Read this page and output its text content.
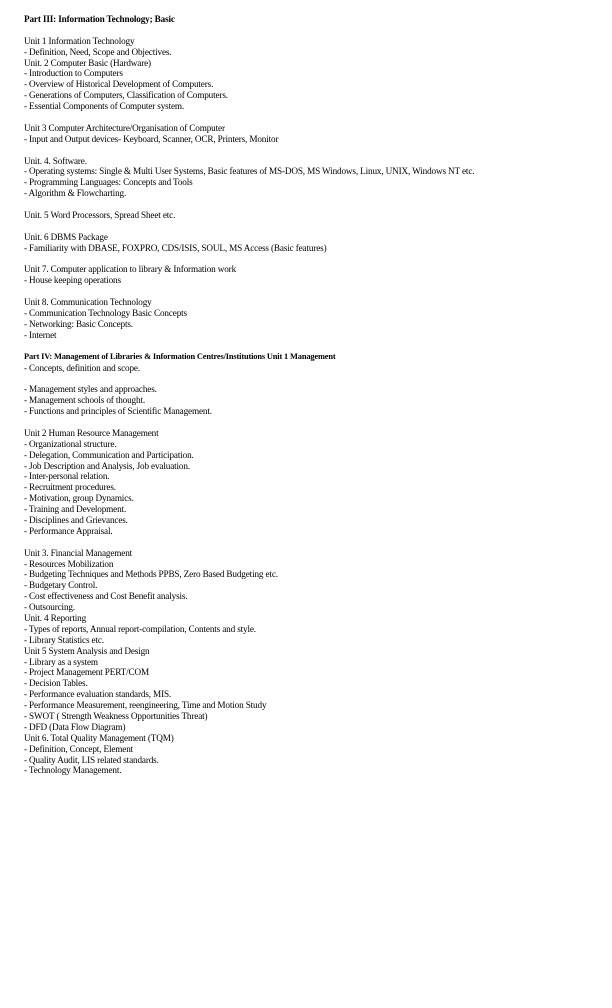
Part III: Information Technology; Basic
Unit 1 Information Technology
- Definition, Need, Scope and Objectives.
Unit. 2 Computer Basic (Hardware)
- Introduction to Computers
- Overview of Historical Development of Computers.
- Generations of Computers, Classification of Computers.
- Essential Components of Computer system.
Unit 3 Computer Architecture/Organisation of Computer
- Input and Output devices- Keyboard, Scanner, OCR, Printers, Monitor
Unit. 4. Software.
- Operating systems: Single & Multi User Systems, Basic features of MS-DOS, MS Windows, Linux, UNIX, Windows NT etc.
- Programming Languages: Concepts and Tools
- Algorithm & Flowcharting.
Unit. 5 Word Processors, Spread Sheet etc.
Unit. 6 DBMS Package
- Familiarity with DBASE, FOXPRO, CDS/ISIS, SOUL, MS Access (Basic features)
Unit 7. Computer application to library & Information work
- House keeping operations
Unit 8. Communication Technology
- Communication Technology Basic Concepts
- Networking: Basic Concepts.
- Internet
Part IV: Management of Libraries & Information Centres/Institutions Unit 1 Management
- Concepts, definition and scope.
- Management styles and approaches.
- Management schools of thought.
- Functions and principles of Scientific Management.
Unit 2 Human Resource Management
- Organizational structure.
- Delegation, Communication and Participation.
- Job Description and Analysis, Job evaluation.
- Inter-personal relation.
- Recruitment procedures.
- Motivation, group Dynamics.
- Training and Development.
- Disciplines and Grievances.
- Performance Appraisal.
Unit 3. Financial Management
- Resources Mobilization
- Budgeting Techniques and Methods PPBS, Zero Based Budgeting etc.
- Budgetary Control.
- Cost effectiveness and Cost Benefit analysis.
- Outsourcing.
Unit. 4 Reporting
- Types of reports, Annual report-compilation, Contents and style.
- Library Statistics etc.
Unit 5 System Analysis and Design
- Library as a system
- Project Management PERT/COM
- Decision Tables.
- Performance evaluation standards, MIS.
- Performance Measurement, reengineering, Time and Motion Study
- SWOT ( Strength Weakness Opportunities Threat)
- DFD (Data Flow Diagram)
Unit 6. Total Quality Management (TQM)
- Definition, Concept, Element
- Quality Audit, LIS related standards.
- Technology Management.
